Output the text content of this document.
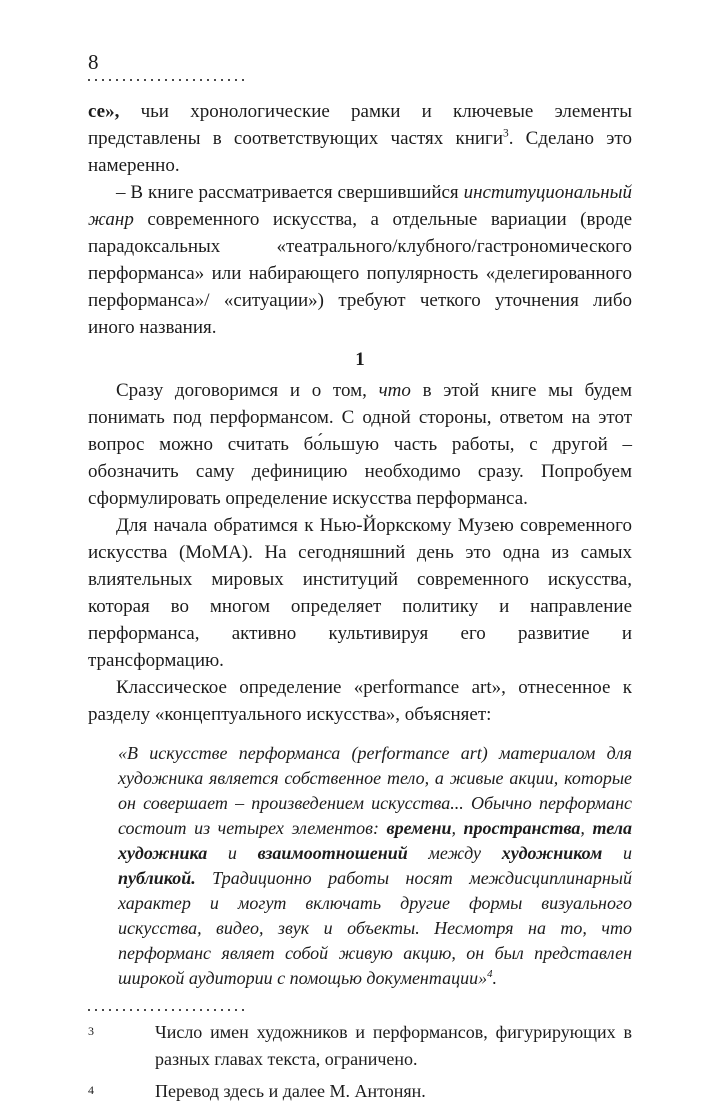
8

се», чьи хронологические рамки и ключевые элементы представлены в соответствующих частях книги$^3$. Сделано это намеренно.

– В книге рассматривается свершившийся институциональный жанр современного искусства, а отдельные вариации (вроде парадоксальных «театрального/клубного/гастрономического перформанса» или набирающего популярность «делегированного перформанса»/ «ситуации») требуют четкого уточнения либо иного названия.

1

Сразу договоримся и о том, что в этой книге мы будем понимать под перформансом. С одной стороны, ответом на этот вопрос можно считать бо́льшую часть работы, с другой – обозначить саму дефиницию необходимо сразу. Попробуем сформулировать определение искусства перформанса.

Для начала обратимся к Нью-Йоркскому Музею современного искусства (МоМА). На сегодняшний день это одна из самых влиятельных мировых институций современного искусства, которая во многом определяет политику и направление перформанса, активно культивируя его развитие и трансформацию.

Классическое определение «performance art», отнесенное к разделу «концептуального искусства», объясняет:

«В искусстве перформанса (performance art) материалом для художника является собственное тело, а живые акции, которые он совершает – произведением искусства... Обычно перформанс состоит из четырех элементов: времени, пространства, тела художника и взаимоотношений между художником и публикой. Традиционно работы носят междисциплинарный характер и могут включать другие формы визуального искусства, видео, звук и объекты. Несмотря на то, что перформанс являет собой живую акцию, он был представлен широкой аудитории с помощью документации»$^4$.
3	Число имен художников и перформансов, фигурирующих в разных главах текста, ограничено.
4	Перевод здесь и далее М. Антонян.
